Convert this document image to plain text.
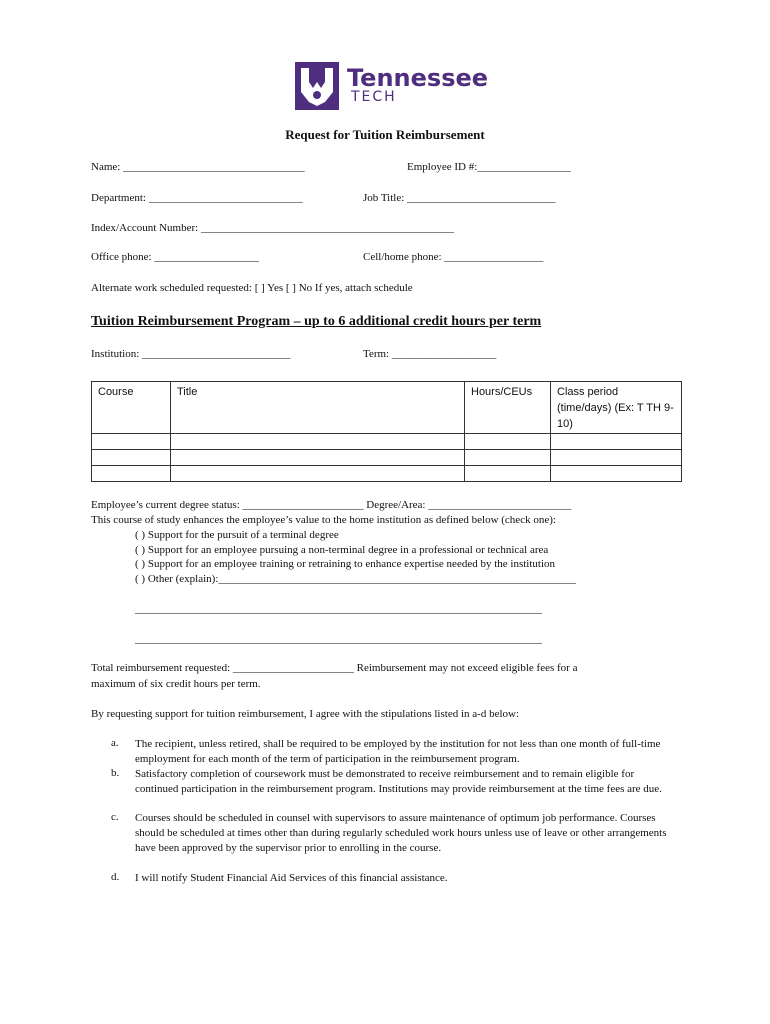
Tennessee
TECH
Request for Tuition Reimbursement
Name: _________________________________	Employee ID #:_________________
Department: ____________________________	Job Title: ___________________________
Index/Account Number: ______________________________________________
Office phone: ___________________	Cell/home phone: __________________
Alternate work scheduled requested: [ ] Yes [ ] No If yes, attach schedule
Tuition Reimbursement Program – up to 6 additional credit hours per term
Institution: ___________________________	Term: ___________________
Course	Title	Hours/CEUs	Class period (time/days) (Ex: T TH 9-10)

Employee’s current degree status: ______________________ Degree/Area: __________________________
This course of study enhances the employee’s value to the home institution as defined below (check one):
( ) Support for the pursuit of a terminal degree
( ) Support for an employee pursuing a non-terminal degree in a professional or technical area
( ) Support for an employee training or retraining to enhance expertise needed by the institution
( ) Other (explain):_________________________________________________________________
__________________________________________________________________________
__________________________________________________________________________
Total reimbursement requested: ______________________ Reimbursement may not exceed eligible fees for a
maximum of six credit hours per term.
By requesting support for tuition reimbursement, I agree with the stipulations listed in a-d below:
a. The recipient, unless retired, shall be required to be employed by the institution for not less than one month of full-time employment for each month of the term of participation in the reimbursement program.
b. Satisfactory completion of coursework must be demonstrated to receive reimbursement and to remain eligible for continued participation in the reimbursement program. Institutions may provide reimbursement at the time fees are due.
c. Courses should be scheduled in counsel with supervisors to assure maintenance of optimum job performance. Courses should be scheduled at times other than during regularly scheduled work hours unless use of leave or other arrangements have been approved by the supervisor prior to enrolling in the course.
d. I will notify Student Financial Aid Services of this financial assistance.
